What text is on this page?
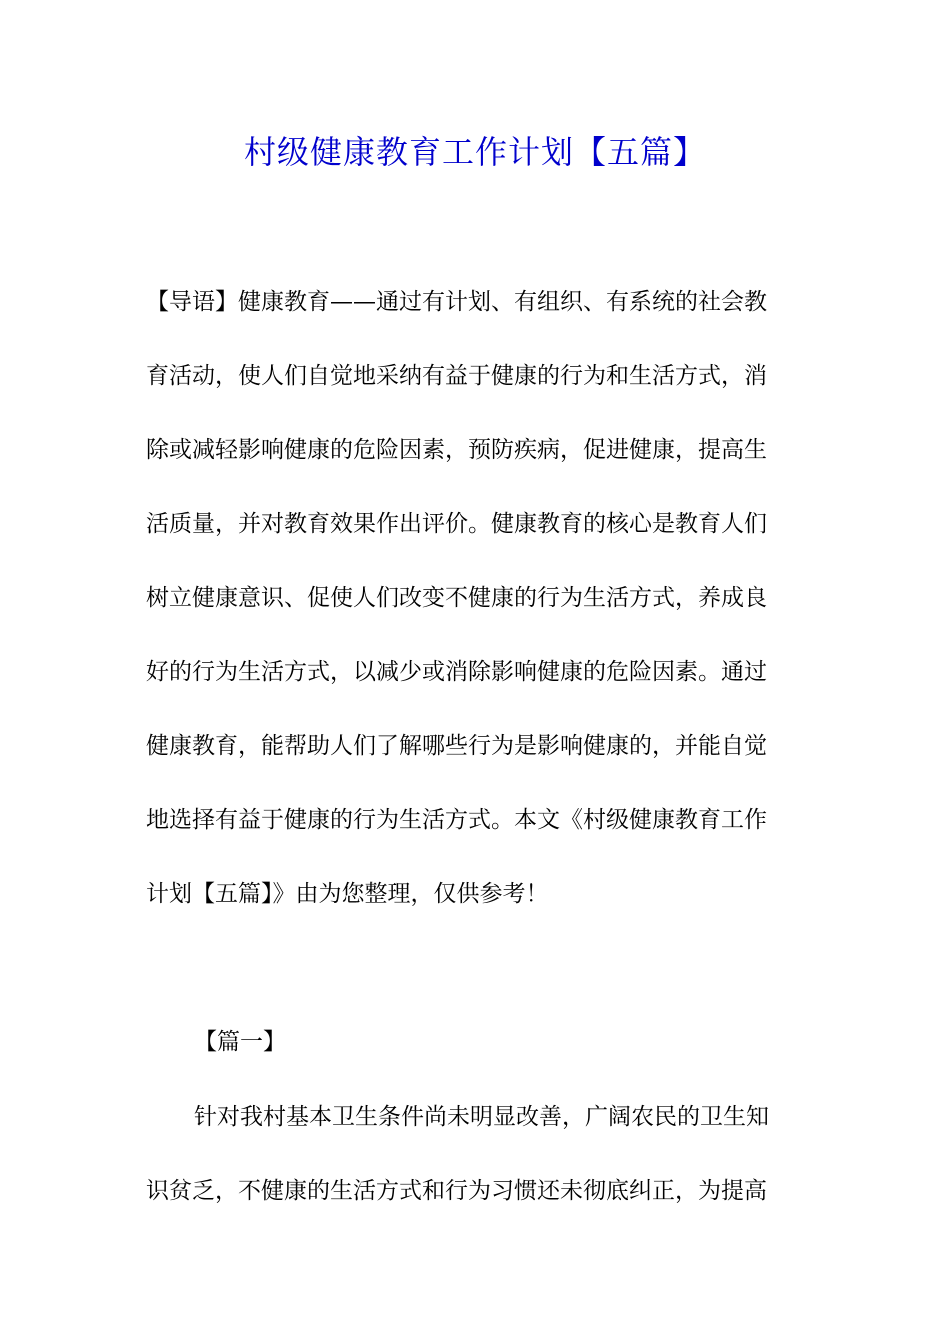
村级健康教育工作计划【五篇】
【导语】健康教育——通过有计划、有组织、有系统的社会教
育活动，使人们自觉地采纳有益于健康的行为和生活方式，消
除或减轻影响健康的危险因素，预防疾病，促进健康，提高生
活质量，并对教育效果作出评价。健康教育的核心是教育人们
树立健康意识、促使人们改变不健康的行为生活方式，养成良
好的行为生活方式，以减少或消除影响健康的危险因素。通过
健康教育，能帮助人们了解哪些行为是影响健康的，并能自觉
地选择有益于健康的行为生活方式。本文《村级健康教育工作
计划【五篇】》由为您整理，仅供参考！
【篇一】
针对我村基本卫生条件尚未明显改善，广阔农民的卫生知
识贫乏，不健康的生活方式和行为习惯还未彻底纠正，为提高
